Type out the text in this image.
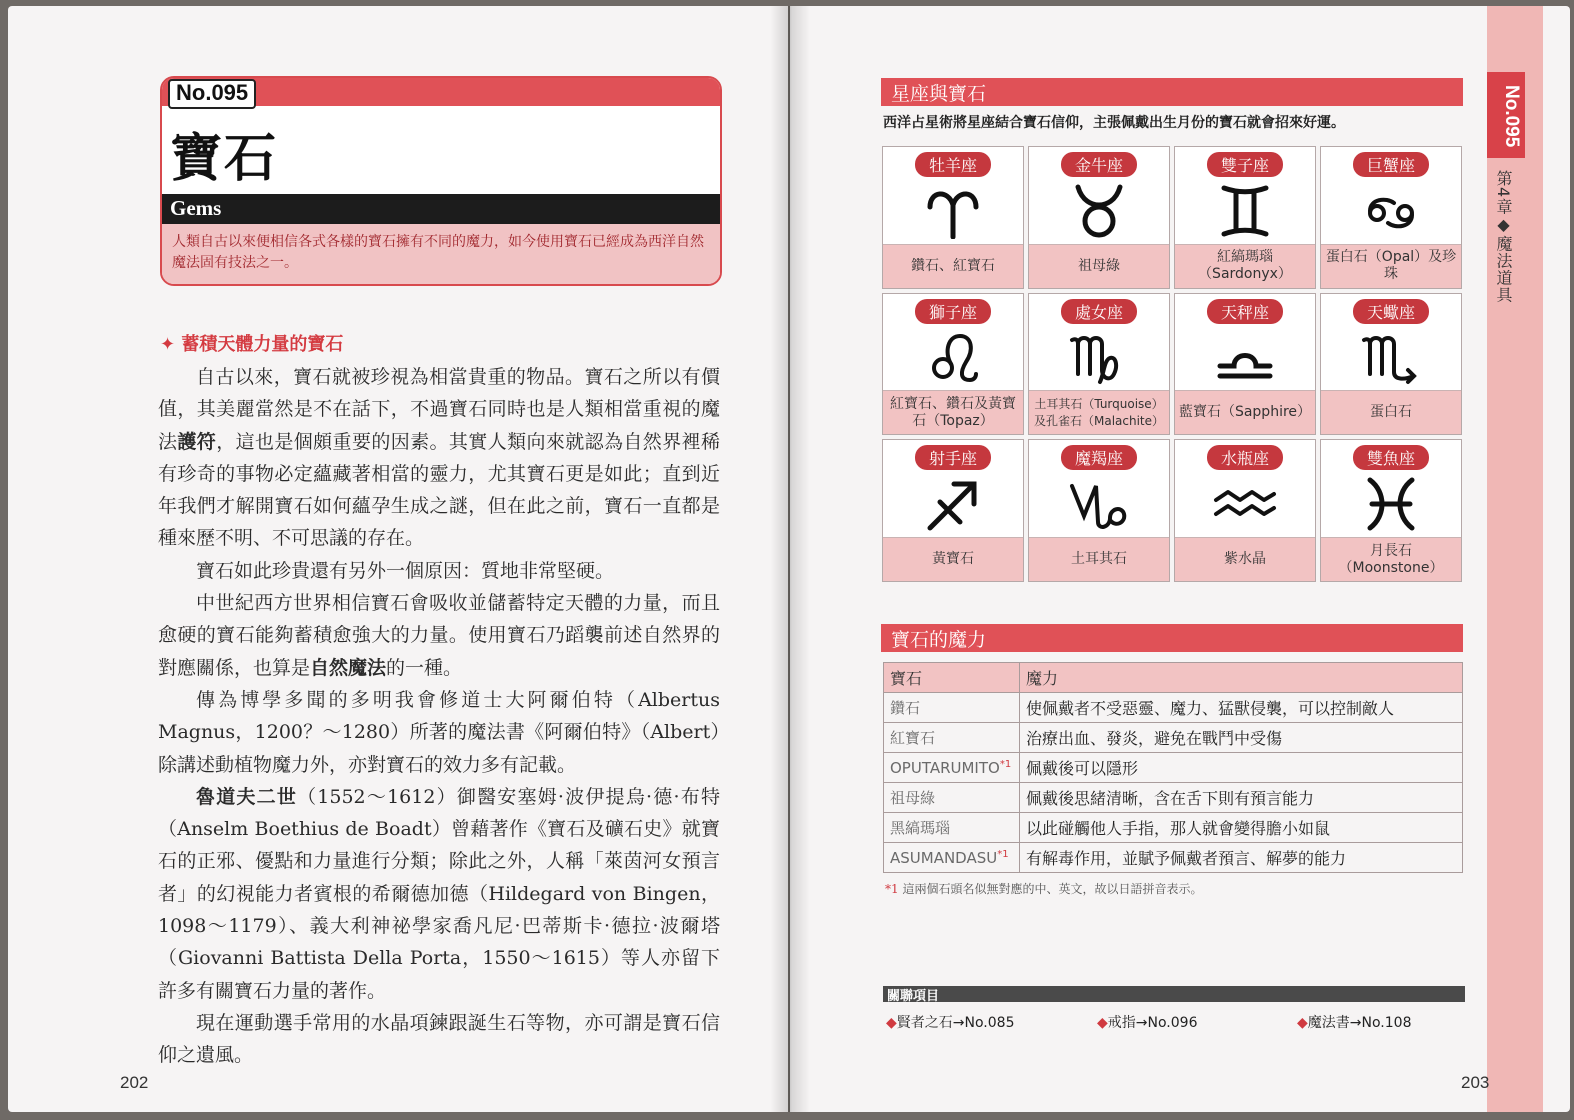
No.095
寶石
Gems
人類自古以來便相信各式各樣的寶石擁有不同的魔力，如今使用寶石已經成為西洋自然魔法固有技法之一。
✦ 蓄積天體力量的寶石

自古以來，寶石就被珍視為相當貴重的物品。寶石之所以有價值，其美麗當然是不在話下，不過寶石同時也是人類相當重視的魔法護符，這也是個頗重要的因素。其實人類向來就認為自然界裡稀有珍奇的事物必定蘊藏著相當的靈力，尤其寶石更是如此；直到近年我們才解開寶石如何蘊孕生成之謎，但在此之前，寶石一直都是種來歷不明、不可思議的存在。

寶石如此珍貴還有另外一個原因：質地非常堅硬。

中世紀西方世界相信寶石會吸收並儲蓄特定天體的力量，而且愈硬的寶石能夠蓄積愈強大的力量。使用寶石乃蹈襲前述自然界的對應關係，也算是自然魔法的一種。

傳為博學多聞的多明我會修道士大阿爾伯特（Albertus Magnus，1200？～1280）所著的魔法書《阿爾伯特》（Albert）除講述動植物魔力外，亦對寶石的效力多有記載。

魯道夫二世（1552～1612）御醫安塞姆·波伊提烏·德·布特（Anselm Boethius de Boadt）曾藉著作《寶石及礦石史》就寶石的正邪、優點和力量進行分類；除此之外，人稱「萊茵河女預言者」的幻視能力者賓根的希爾德加德（Hildegard von Bingen，1098～1179）、義大利神祕學家喬凡尼·巴蒂斯卡·德拉·波爾塔（Giovanni Battista Della Porta，1550～1615）等人亦留下許多有關寶石力量的著作。

現在運動選手常用的水晶項鍊跟誕生石等物，亦可謂是寶石信仰之遺風。

202
No.095
第4章◆魔法道具
星座與寶石
西洋占星術將星座結合寶石信仰，主張佩戴出生月份的寶石就會招來好運。
牡羊座
鑽石、紅寶石
金牛座
祖母綠
雙子座
紅縞瑪瑙（Sardonyx）
巨蟹座
蛋白石（Opal）及珍珠
獅子座
紅寶石、鑽石及黃寶石（Topaz）
處女座
土耳其石（Turquoise）及孔雀石（Malachite）
天秤座
藍寶石（Sapphire）
天蠍座
蛋白石
射手座
黃寶石
魔羯座
土耳其石
水瓶座
紫水晶
雙魚座
月長石（Moonstone）
寶石的魔力
寶石	魔力
鑽石	使佩戴者不受惡靈、魔力、猛獸侵襲，可以控制敵人
紅寶石	治療出血、發炎，避免在戰鬥中受傷
OPUTARUMITO$^{*1}$	佩戴後可以隱形
祖母綠	佩戴後思緒清晰，含在舌下則有預言能力
黑縞瑪瑙	以此碰觸他人手指，那人就會變得膽小如鼠
ASUMANDASU$^{*1}$	有解毒作用，並賦予佩戴者預言、解夢的能力
*1 這兩個石頭名似無對應的中、英文，故以日語拼音表示。
關聯項目
◆賢者之石→No.085	◆戒指→No.096	◆魔法書→No.108
203
